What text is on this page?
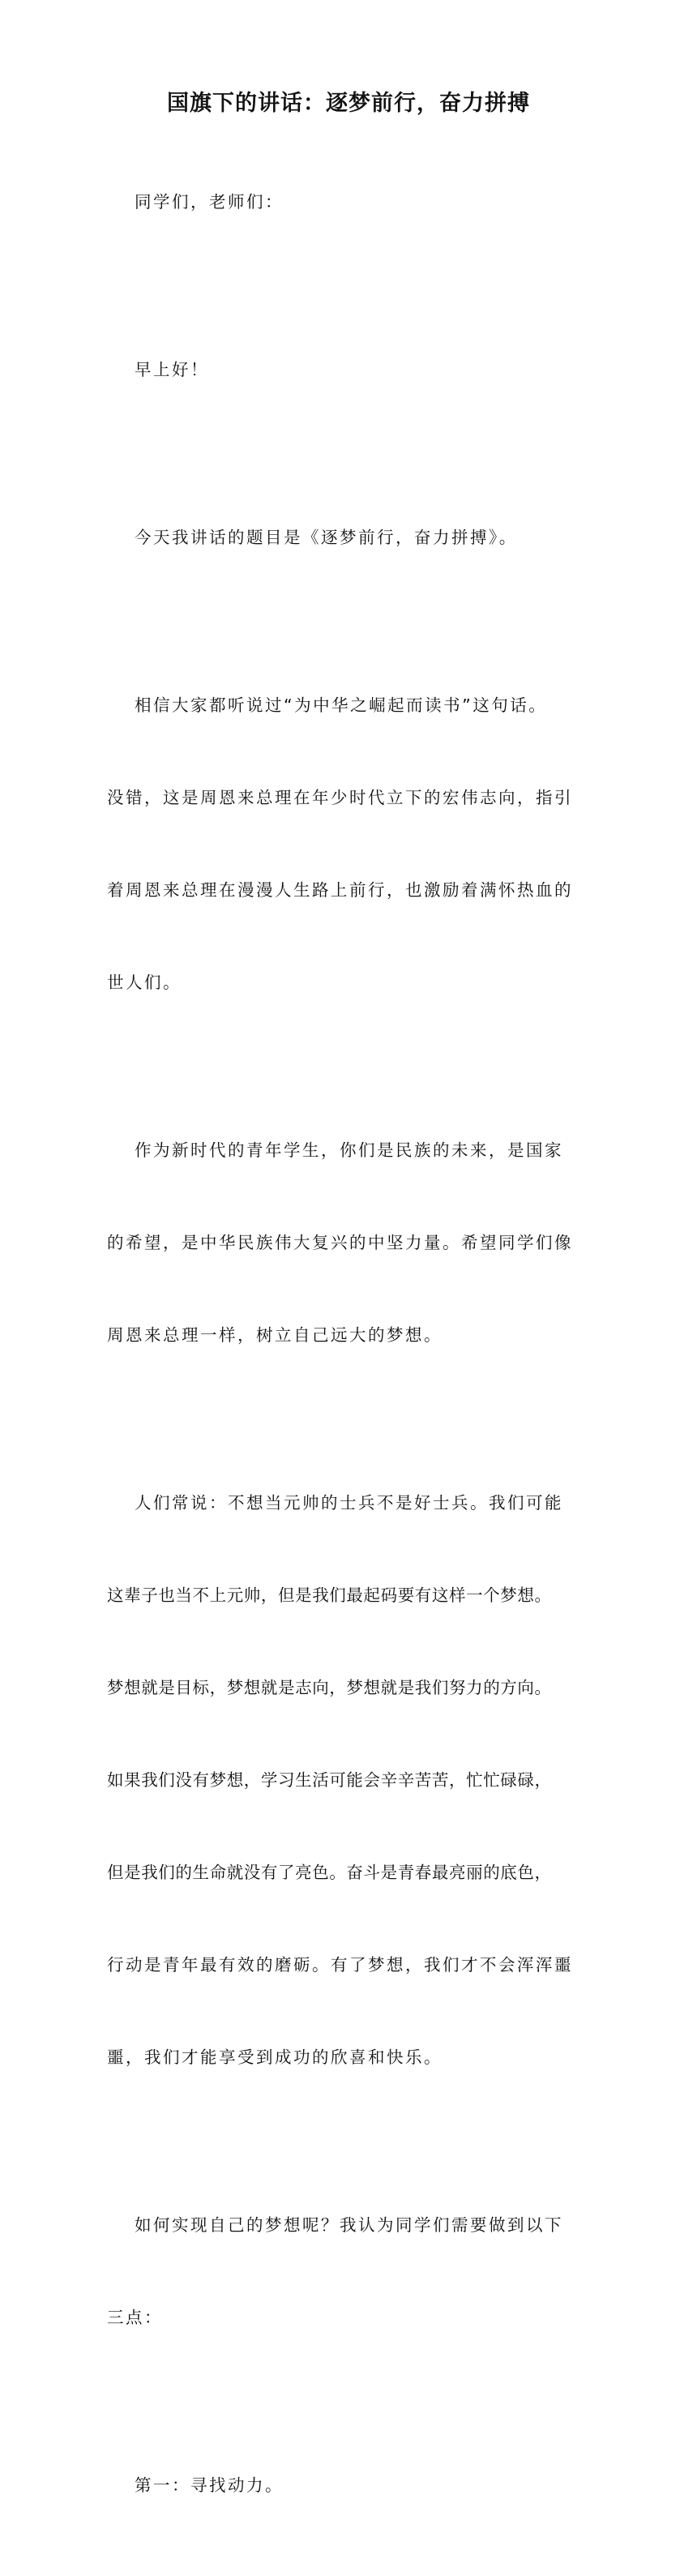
国旗下的讲话：逐梦前行，奋力拼搏

同学们，老师们：

早上好！

今天我讲话的题目是《逐梦前行，奋力拼搏》。

相信大家都听说过“为中华之崛起而读书”这句话。

没错，这是周恩来总理在年少时代立下的宏伟志向，指引

着周恩来总理在漫漫人生路上前行，也激励着满怀热血的

世人们。

作为新时代的青年学生，你们是民族的未来，是国家

的希望，是中华民族伟大复兴的中坚力量。希望同学们像

周恩来总理一样，树立自己远大的梦想。

人们常说：不想当元帅的士兵不是好士兵。我们可能

这辈子也当不上元帅，但是我们最起码要有这样一个梦想。

梦想就是目标，梦想就是志向，梦想就是我们努力的方向。

如果我们没有梦想，学习生活可能会辛辛苦苦，忙忙碌碌，

但是我们的生命就没有了亮色。奋斗是青春最亮丽的底色，

行动是青年最有效的磨砺。有了梦想，我们才不会浑浑噩

噩，我们才能享受到成功的欣喜和快乐。

如何实现自己的梦想呢？我认为同学们需要做到以下

三点：

第一：寻找动力。
